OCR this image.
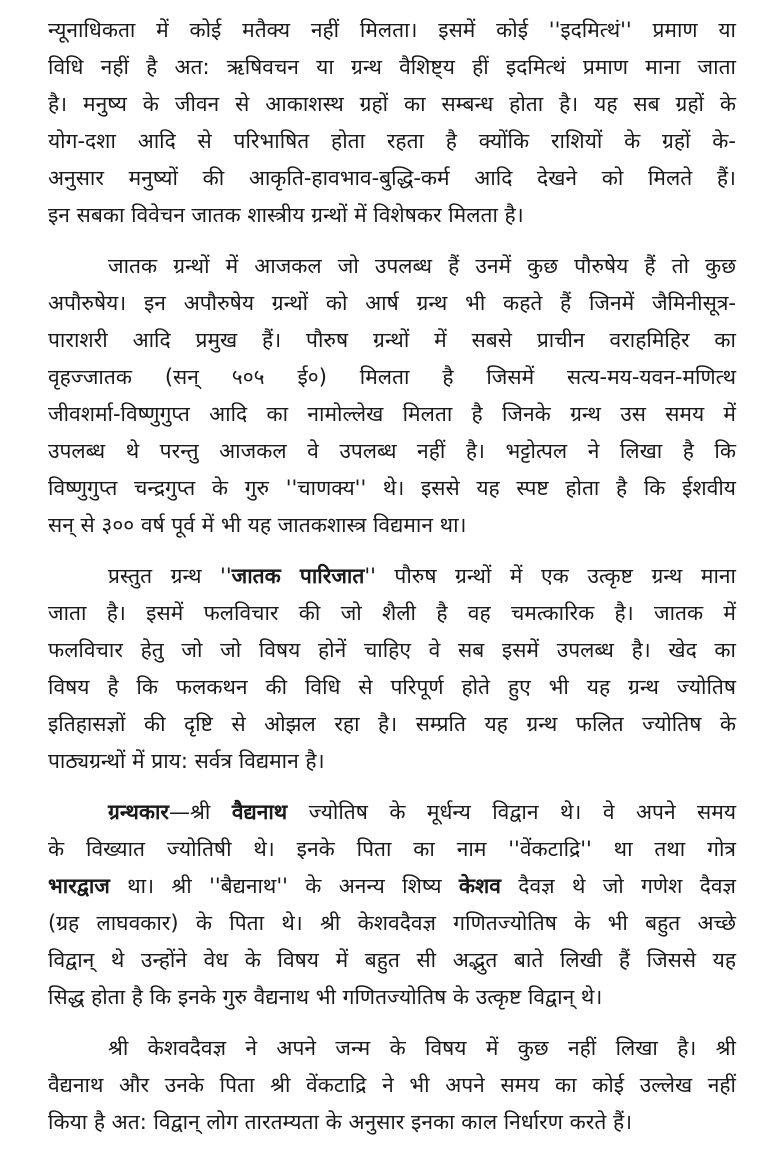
न्यूनाधिकता में कोई मतैक्य नहीं मिलता। इसमें कोई ''इदमित्थं'' प्रमाण या
विधि नहीं है अत: ऋषिवचन या ग्रन्थ वैशिष्ट्य हीं इदमित्थं प्रमाण माना जाता
है। मनुष्य के जीवन से आकाशस्थ ग्रहों का सम्बन्ध होता है। यह सब ग्रहों के
योग-दशा आदि से परिभाषित होता रहता है क्योंकि राशियों के ग्रहों के-
अनुसार मनुष्यों की आकृति-हावभाव-बुद्धि-कर्म आदि देखने को मिलते हैं।
इन सबका विवेचन जातक शास्त्रीय ग्रन्थों में विशेषकर मिलता है।
जातक ग्रन्थों में आजकल जो उपलब्ध हैं उनमें कुछ पौरुषेय हैं तो कुछ
अपौरुषेय। इन अपौरुषेय ग्रन्थों को आर्ष ग्रन्थ भी कहते हैं जिनमें जैमिनीसूत्र-
पाराशरी आदि प्रमुख हैं। पौरुष ग्रन्थों में सबसे प्राचीन वराहमिहिर का
वृहज्जातक (सन् ५०५ ई०) मिलता है जिसमें सत्य-मय-यवन-मणित्थ
जीवशर्मा-विष्णुगुप्त आदि का नामोल्लेख मिलता है जिनके ग्रन्थ उस समय में
उपलब्ध थे परन्तु आजकल वे उपलब्ध नहीं है। भट्टोत्पल ने लिखा है कि
विष्णुगुप्त चन्द्रगुप्त के गुरु ''चाणक्य'' थे। इससे यह स्पष्ट होता है कि ईशवीय
सन् से ३०० वर्ष पूर्व में भी यह जातकशास्त्र विद्यमान था।
प्रस्तुत ग्रन्थ ''जातक पारिजात'' पौरुष ग्रन्थों में एक उत्कृष्ट ग्रन्थ माना
जाता है। इसमें फलविचार की जो शैली है वह चमत्कारिक है। जातक में
फलविचार हेतु जो जो विषय होनें चाहिए वे सब इसमें उपलब्ध है। खेद का
विषय है कि फलकथन की विधि से परिपूर्ण होते हुए भी यह ग्रन्थ ज्योतिष
इतिहासज्ञों की दृष्टि से ओझल रहा है। सम्प्रति यह ग्रन्थ फलित ज्योतिष के
पाठ्यग्रन्थों में प्राय: सर्वत्र विद्यमान है।
ग्रन्थकार—श्री वैद्यनाथ ज्योतिष के मूर्धन्य विद्वान थे। वे अपने समय
के विख्यात ज्योतिषी थे। इनके पिता का नाम ''वेंकटाद्रि'' था तथा गोत्र
भारद्वाज था। श्री ''बैद्यनाथ'' के अनन्य शिष्य केशव दैवज्ञ थे जो गणेश दैवज्ञ
(ग्रह लाघवकार) के पिता थे। श्री केशवदैवज्ञ गणितज्योतिष के भी बहुत अच्छे
विद्वान् थे उन्होंने वेध के विषय में बहुत सी अद्भुत बाते लिखी हैं जिससे यह
सिद्ध होता है कि इनके गुरु वैद्यनाथ भी गणितज्योतिष के उत्कृष्ट विद्वान् थे।
श्री केशवदैवज्ञ ने अपने जन्म के विषय में कुछ नहीं लिखा है। श्री
वैद्यनाथ और उनके पिता श्री वेंकटाद्रि ने भी अपने समय का कोई उल्लेख नहीं
किया है अत: विद्वान् लोग तारतम्यता के अनुसार इनका काल निर्धारण करते हैं।
